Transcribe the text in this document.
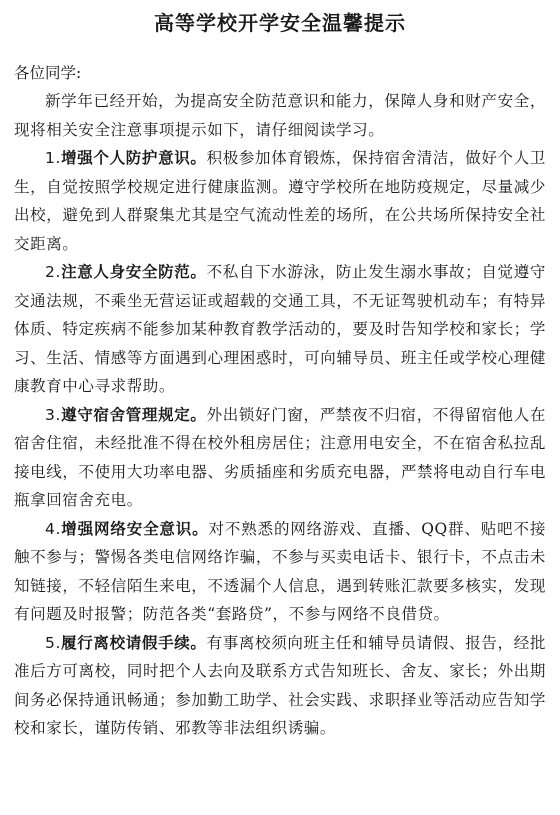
高等学校开学安全温馨提示

各位同学:

新学年已经开始，为提高安全防范意识和能力，保障人身和财产安全，现将相关安全注意事项提示如下，请仔细阅读学习。

1.增强个人防护意识。积极参加体育锻炼，保持宿舍清洁，做好个人卫生，自觉按照学校规定进行健康监测。遵守学校所在地防疫规定，尽量减少出校，避免到人群聚集尤其是空气流动性差的场所，在公共场所保持安全社交距离。

2.注意人身安全防范。不私自下水游泳，防止发生溺水事故；自觉遵守交通法规，不乘坐无营运证或超载的交通工具，不无证驾驶机动车；有特异体质、特定疾病不能参加某种教育教学活动的，要及时告知学校和家长；学习、生活、情感等方面遇到心理困惑时，可向辅导员、班主任或学校心理健康教育中心寻求帮助。

3.遵守宿舍管理规定。外出锁好门窗，严禁夜不归宿，不得留宿他人在宿舍住宿，未经批准不得在校外租房居住；注意用电安全，不在宿舍私拉乱接电线，不使用大功率电器、劣质插座和劣质充电器，严禁将电动自行车电瓶拿回宿舍充电。

4.增强网络安全意识。对不熟悉的网络游戏、直播、QQ群、贴吧不接触不参与；警惕各类电信网络诈骗，不参与买卖电话卡、银行卡，不点击未知链接，不轻信陌生来电，不透漏个人信息，遇到转账汇款要多核实，发现有问题及时报警；防范各类“套路贷”，不参与网络不良借贷。

5.履行离校请假手续。有事离校须向班主任和辅导员请假、报告，经批准后方可离校，同时把个人去向及联系方式告知班长、舍友、家长；外出期间务必保持通讯畅通；参加勤工助学、社会实践、求职择业等活动应告知学校和家长，谨防传销、邪教等非法组织诱骗。
